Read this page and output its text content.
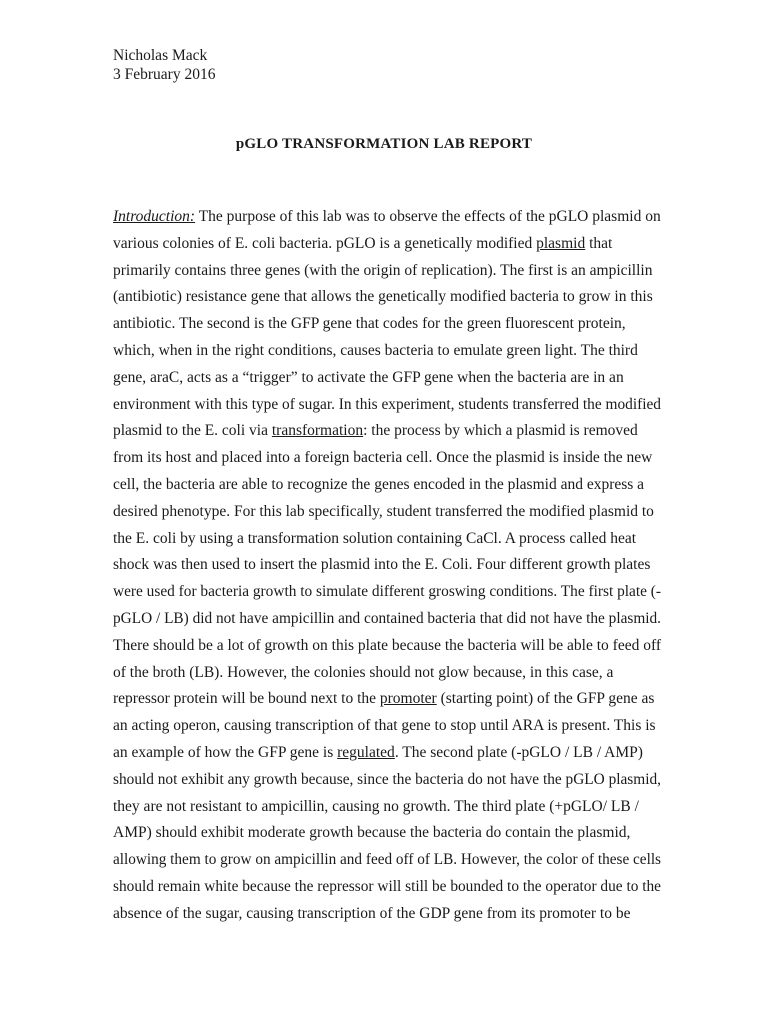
Nicholas Mack
3 February 2016
pGLO TRANSFORMATION LAB REPORT
Introduction: The purpose of this lab was to observe the effects of the pGLO plasmid on
various colonies of E. coli bacteria. pGLO is a genetically modified plasmid that
primarily contains three genes (with the origin of replication). The first is an ampicillin
(antibiotic) resistance gene that allows the genetically modified bacteria to grow in this
antibiotic. The second is the GFP gene that codes for the green fluorescent protein,
which, when in the right conditions, causes bacteria to emulate green light. The third
gene, araC, acts as a “trigger” to activate the GFP gene when the bacteria are in an
environment with this type of sugar. In this experiment, students transferred the modified
plasmid to the E. coli via transformation: the process by which a plasmid is removed
from its host and placed into a foreign bacteria cell. Once the plasmid is inside the new
cell, the bacteria are able to recognize the genes encoded in the plasmid and express a
desired phenotype. For this lab specifically, student transferred the modified plasmid to
the E. coli by using a transformation solution containing CaCl. A process called heat
shock was then used to insert the plasmid into the E. Coli. Four different growth plates
were used for bacteria growth to simulate different groswing conditions. The first plate (-
pGLO / LB) did not have ampicillin and contained bacteria that did not have the plasmid.
There should be a lot of growth on this plate because the bacteria will be able to feed off
of the broth (LB). However, the colonies should not glow because, in this case, a
repressor protein will be bound next to the promoter (starting point) of the GFP gene as
an acting operon, causing transcription of that gene to stop until ARA is present. This is
an example of how the GFP gene is regulated. The second plate (-pGLO / LB / AMP)
should not exhibit any growth because, since the bacteria do not have the pGLO plasmid,
they are not resistant to ampicillin, causing no growth. The third plate (+pGLO/ LB /
AMP) should exhibit moderate growth because the bacteria do contain the plasmid,
allowing them to grow on ampicillin and feed off of LB. However, the color of these cells
should remain white because the repressor will still be bounded to the operator due to the
absence of the sugar, causing transcription of the GDP gene from its promoter to be
